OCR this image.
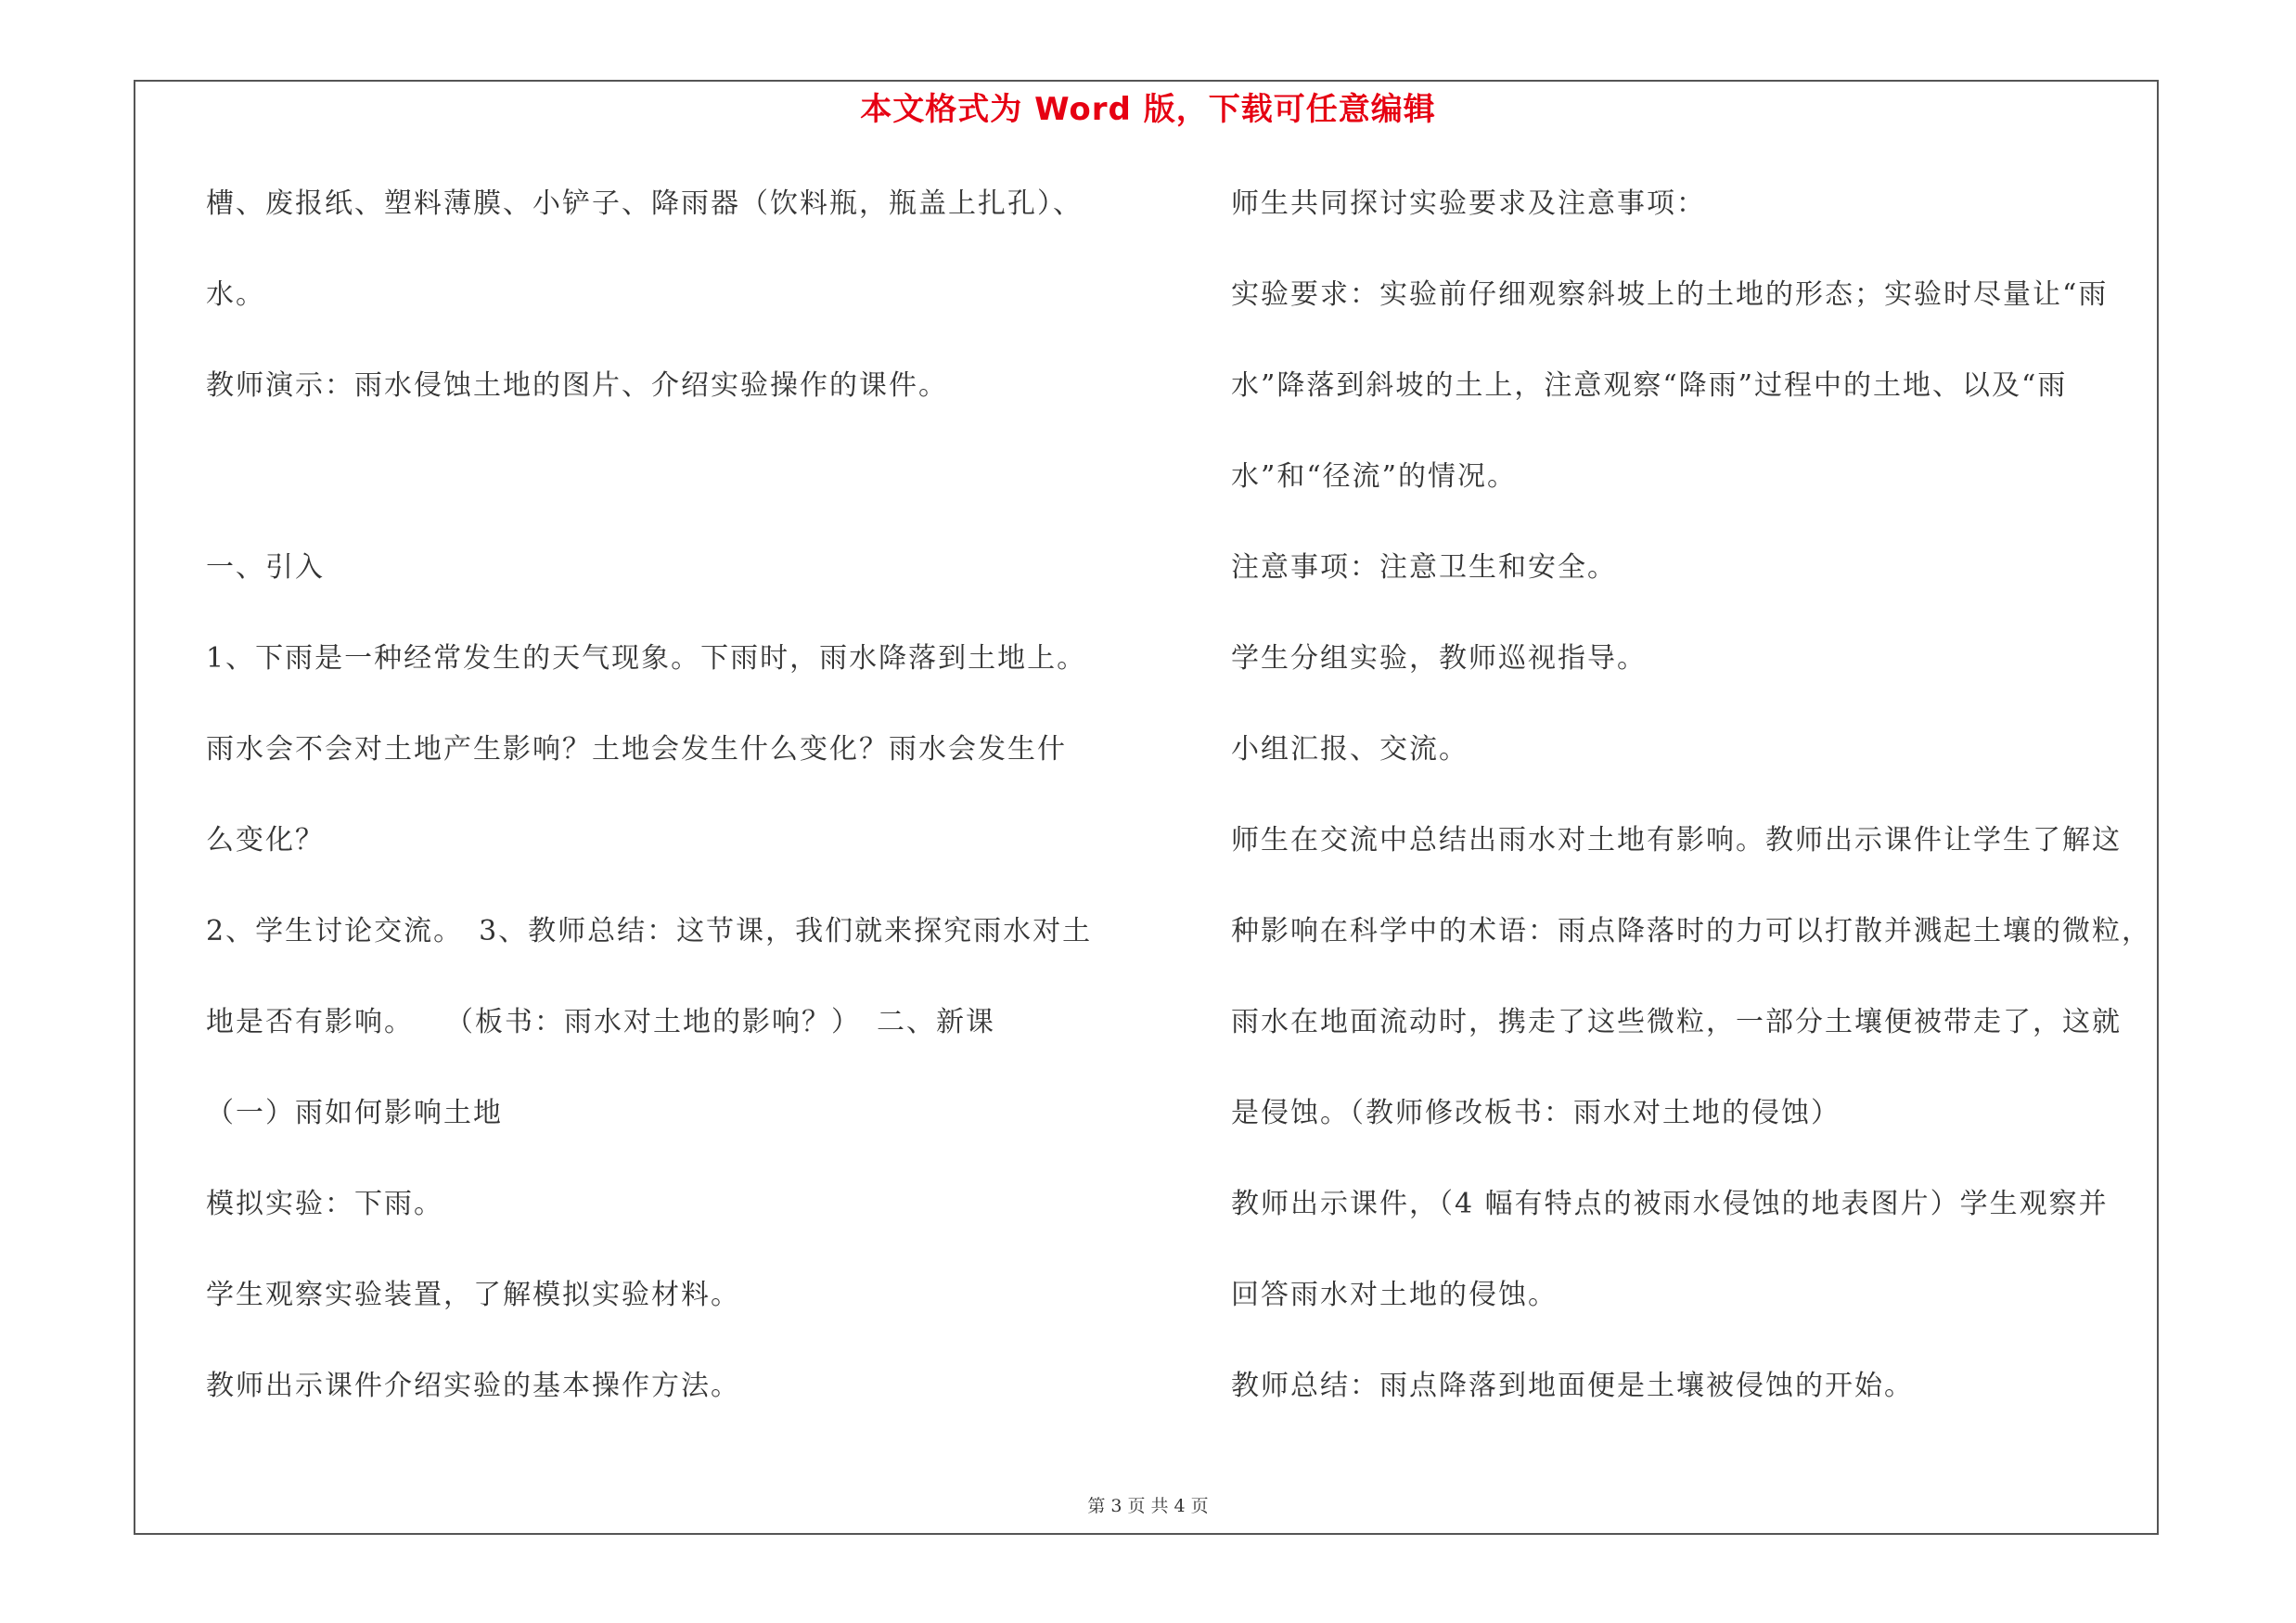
本文格式为 Word 版，下载可任意编辑
槽、废报纸、塑料薄膜、小铲子、降雨器（饮料瓶，瓶盖上扎孔）、
水。
教师演示：雨水侵蚀土地的图片、介绍实验操作的课件。
一、引入
1、下雨是一种经常发生的天气现象。下雨时，雨水降落到土地上。
雨水会不会对土地产生影响？土地会发生什么变化？雨水会发生什
么变化？
2、学生讨论交流。　3、教师总结：这节课，我们就来探究雨水对土
地是否有影响。　　（板书：雨水对土地的影响？）　二、新课
（一）雨如何影响土地
模拟实验：下雨。
学生观察实验装置，了解模拟实验材料。
教师出示课件介绍实验的基本操作方法。
师生共同探讨实验要求及注意事项：
实验要求：实验前仔细观察斜坡上的土地的形态；实验时尽量让“雨
水”降落到斜坡的土上，注意观察“降雨”过程中的土地、以及“雨
水”和“径流”的情况。
注意事项：注意卫生和安全。
学生分组实验，教师巡视指导。
小组汇报、交流。
师生在交流中总结出雨水对土地有影响。教师出示课件让学生了解这
种影响在科学中的术语：雨点降落时的力可以打散并溅起土壤的微粒，
雨水在地面流动时，携走了这些微粒，一部分土壤便被带走了，这就
是侵蚀。（教师修改板书：雨水对土地的侵蚀）
教师出示课件，（4 幅有特点的被雨水侵蚀的地表图片）学生观察并
回答雨水对土地的侵蚀。
教师总结：雨点降落到地面便是土壤被侵蚀的开始。
第 3 页 共 4 页
